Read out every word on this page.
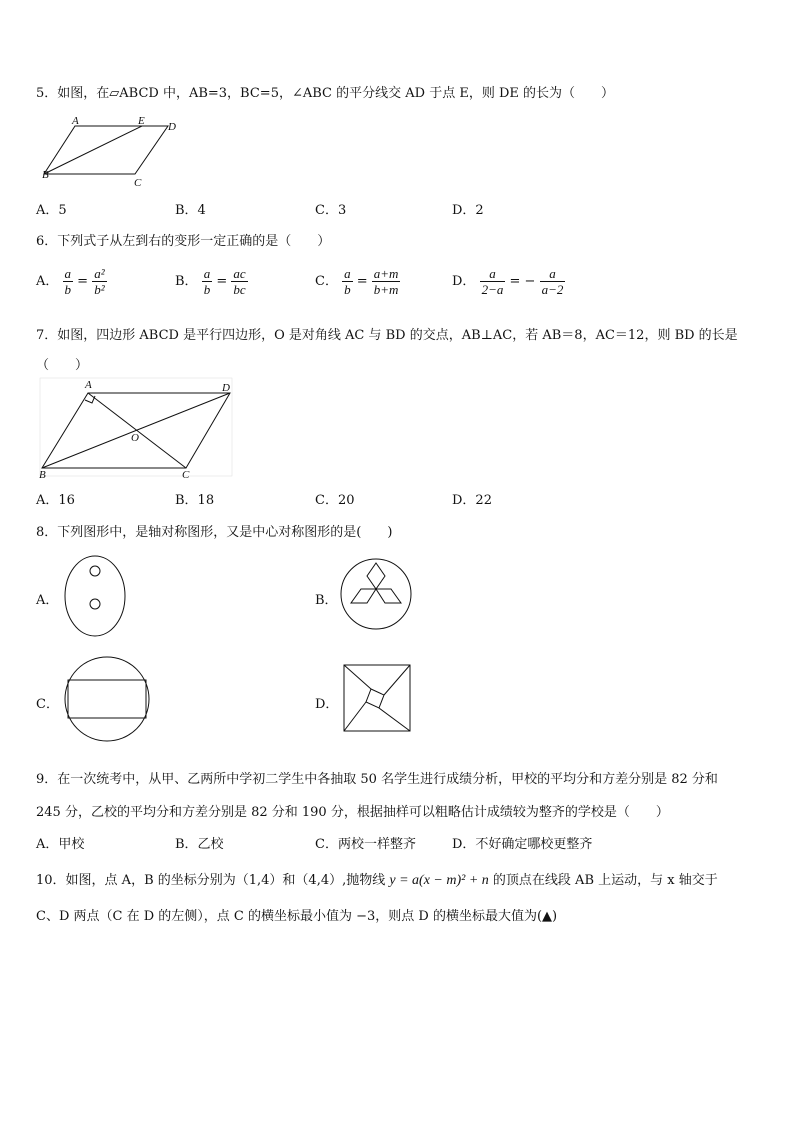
5．如图，在▱ABCD 中，AB=3，BC=5，∠ABC 的平分线交 AD 于点 E，则 DE 的长为（　　）
A	E D
B
C
A．5	B．4	C．3	D．2
6．下列式子从左到右的变形一定正确的是（　　）
A． $\frac{a}{b} = \frac{\text{a²}}{\text{b²}}$	B． $\frac{a}{b} = \frac{ac}{bc}$	C． $\frac{a}{b} = \frac{a+m}{b+m}$	D． $\frac{a}{2-a}$ = − $\frac{a}{a-2}$
7．如图，四边形 ABCD 是平行四边形，O 是对角线 AC 与 BD 的交点，AB⊥AC，若 AB＝8，AC＝12，则 BD 的长是
（　　）
A	D
O
B	C
A．16	B．18	C．20	D．22
8．下列图形中，是轴对称图形，又是中心对称图形的是(　　)
A．	B．
C．	D．
9．在一次统考中，从甲、乙两所中学初二学生中各抽取 50 名学生进行成绩分析，甲校的平均分和方差分别是 82 分和
245 分，乙校的平均分和方差分别是 82 分和 190 分，根据抽样可以粗略估计成绩较为整齐的学校是（　　）
A．甲校	B．乙校	C．两校一样整齐	D．不好确定哪校更整齐
10．如图，点 A，B 的坐标分别为（1,4）和（4,4）,抛物线 y = a(x − m)² + n 的顶点在线段 AB 上运动，与 x 轴交于
C、D 两点（C 在 D 的左侧），点 C 的横坐标最小值为 −3，则点 D 的横坐标最大值为(▲)
